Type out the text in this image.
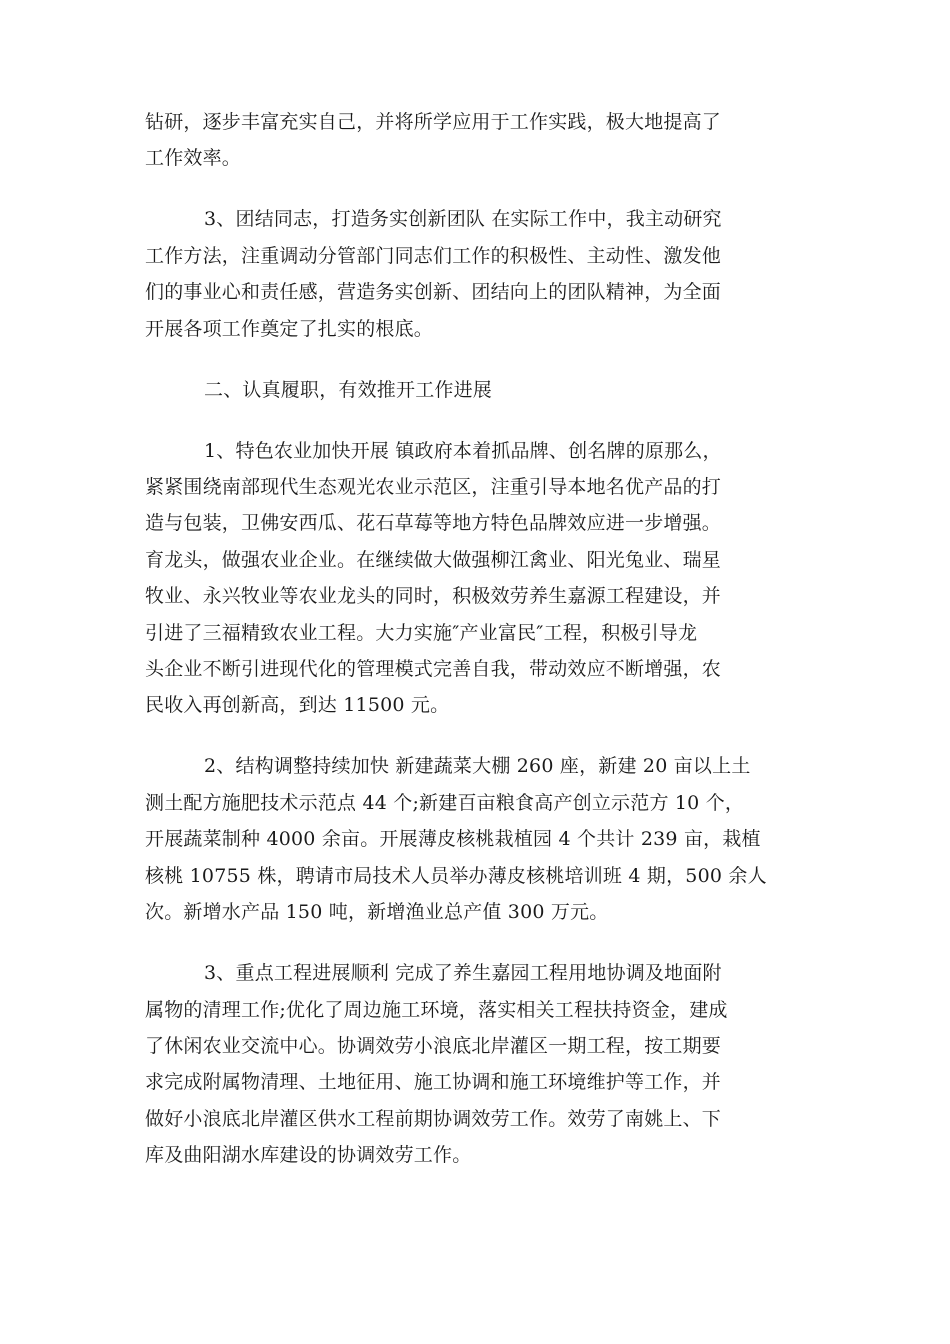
钻研，逐步丰富充实自己，并将所学应用于工作实践，极大地提高了
工作效率。
3、团结同志，打造务实创新团队 在实际工作中，我主动研究
工作方法，注重调动分管部门同志们工作的积极性、主动性、激发他
们的事业心和责任感，营造务实创新、团结向上的团队精神，为全面
开展各项工作奠定了扎实的根底。
二、认真履职，有效推开工作进展
1、特色农业加快开展 镇政府本着抓品牌、创名牌的原那么，
紧紧围绕南部现代生态观光农业示范区，注重引导本地名优产品的打
造与包装，卫佛安西瓜、花石草莓等地方特色品牌效应进一步增强。
育龙头，做强农业企业。在继续做大做强柳江禽业、阳光兔业、瑞星
牧业、永兴牧业等农业龙头的同时，积极效劳养生嘉源工程建设，并
引进了三福精致农业工程。大力实施″产业富民″工程，积极引导龙
头企业不断引进现代化的管理模式完善自我，带动效应不断增强，农
民收入再创新高，到达 11500 元。
2、结构调整持续加快 新建蔬菜大棚 260 座，新建 20 亩以上土
测土配方施肥技术示范点 44 个;新建百亩粮食高产创立示范方 10 个，
开展蔬菜制种 4000 余亩。开展薄皮核桃栽植园 4 个共计 239 亩，栽植
核桃 10755 株，聘请市局技术人员举办薄皮核桃培训班 4 期，500 余人
次。新增水产品 150 吨，新增渔业总产值 300 万元。
3、重点工程进展顺利 完成了养生嘉园工程用地协调及地面附
属物的清理工作;优化了周边施工环境，落实相关工程扶持资金，建成
了休闲农业交流中心。协调效劳小浪底北岸灌区一期工程，按工期要
求完成附属物清理、土地征用、施工协调和施工环境维护等工作，并
做好小浪底北岸灌区供水工程前期协调效劳工作。效劳了南姚上、下
库及曲阳湖水库建设的协调效劳工作。
